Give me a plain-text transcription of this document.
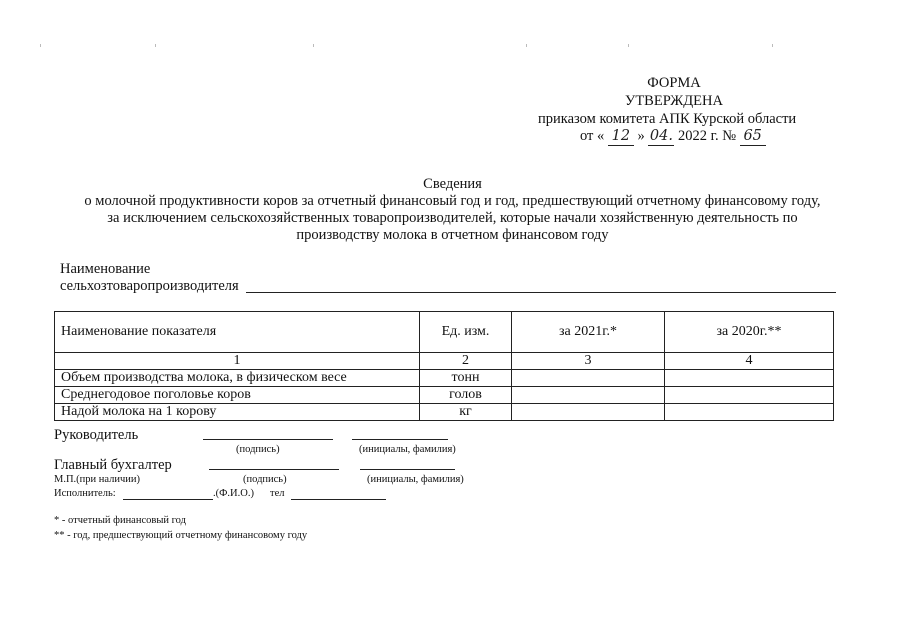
ФОРМА
УТВЕРЖДЕНА
приказом комитета АПК Курской области
от « 12 » 04. 2022 г. № 65
Сведения
о молочной продуктивности коров за отчетный финансовый год и год, предшествующий отчетному финансовому году,
за исключением сельскохозяйственных товаропроизводителей, которые начали хозяйственную деятельность по
производству молока в отчетном финансовом году
Наименование
сельхозтоваропроизводителя
Наименование показателя	Ед. изм.	за 2021г.*	за 2020г.**
1	2	3	4
Объем производства молока, в физическом весе	тонн		
Среднегодовое поголовье коров	голов		
Надой молока на 1 корову	кг		
Руководитель
(подпись)	(инициалы, фамилия)
Главный бухгалтер
М.П.(при наличии)	(подпись)	(инициалы, фамилия)
Исполнитель:	.(Ф.И.О.) тел
* - отчетный финансовый год
** - год, предшествующий отчетному финансовому году
